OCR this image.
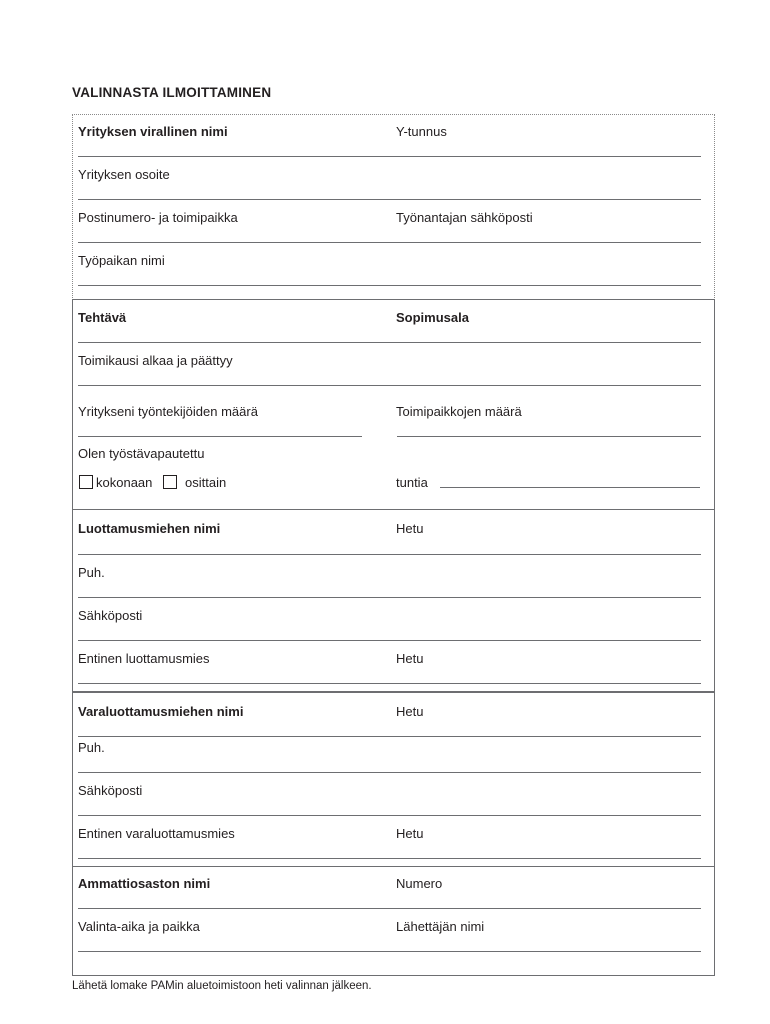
VALINNASTA ILMOITTAMINEN
Yrityksen virallinen nimi	Y-tunnus
Yrityksen osoite
Postinumero- ja toimipaikka	Työnantajan sähköposti
Työpaikan nimi
Tehtävä	Sopimusala
Toimikausi alkaa ja päättyy
Yritykseni työntekijöiden määrä	Toimipaikkojen määrä
Olen työstävapautettu
kokonaan	osittain	tuntia
Luottamusmiehen nimi	Hetu
Puh.
Sähköposti
Entinen luottamusmies	Hetu
Varaluottamusmiehen nimi	Hetu
Puh.
Sähköposti
Entinen varaluottamusmies	Hetu
Ammattiosaston nimi	Numero
Valinta-aika ja paikka	Lähettäjän nimi
Lähetä lomake PAMin aluetoimistoon heti valinnan jälkeen.
